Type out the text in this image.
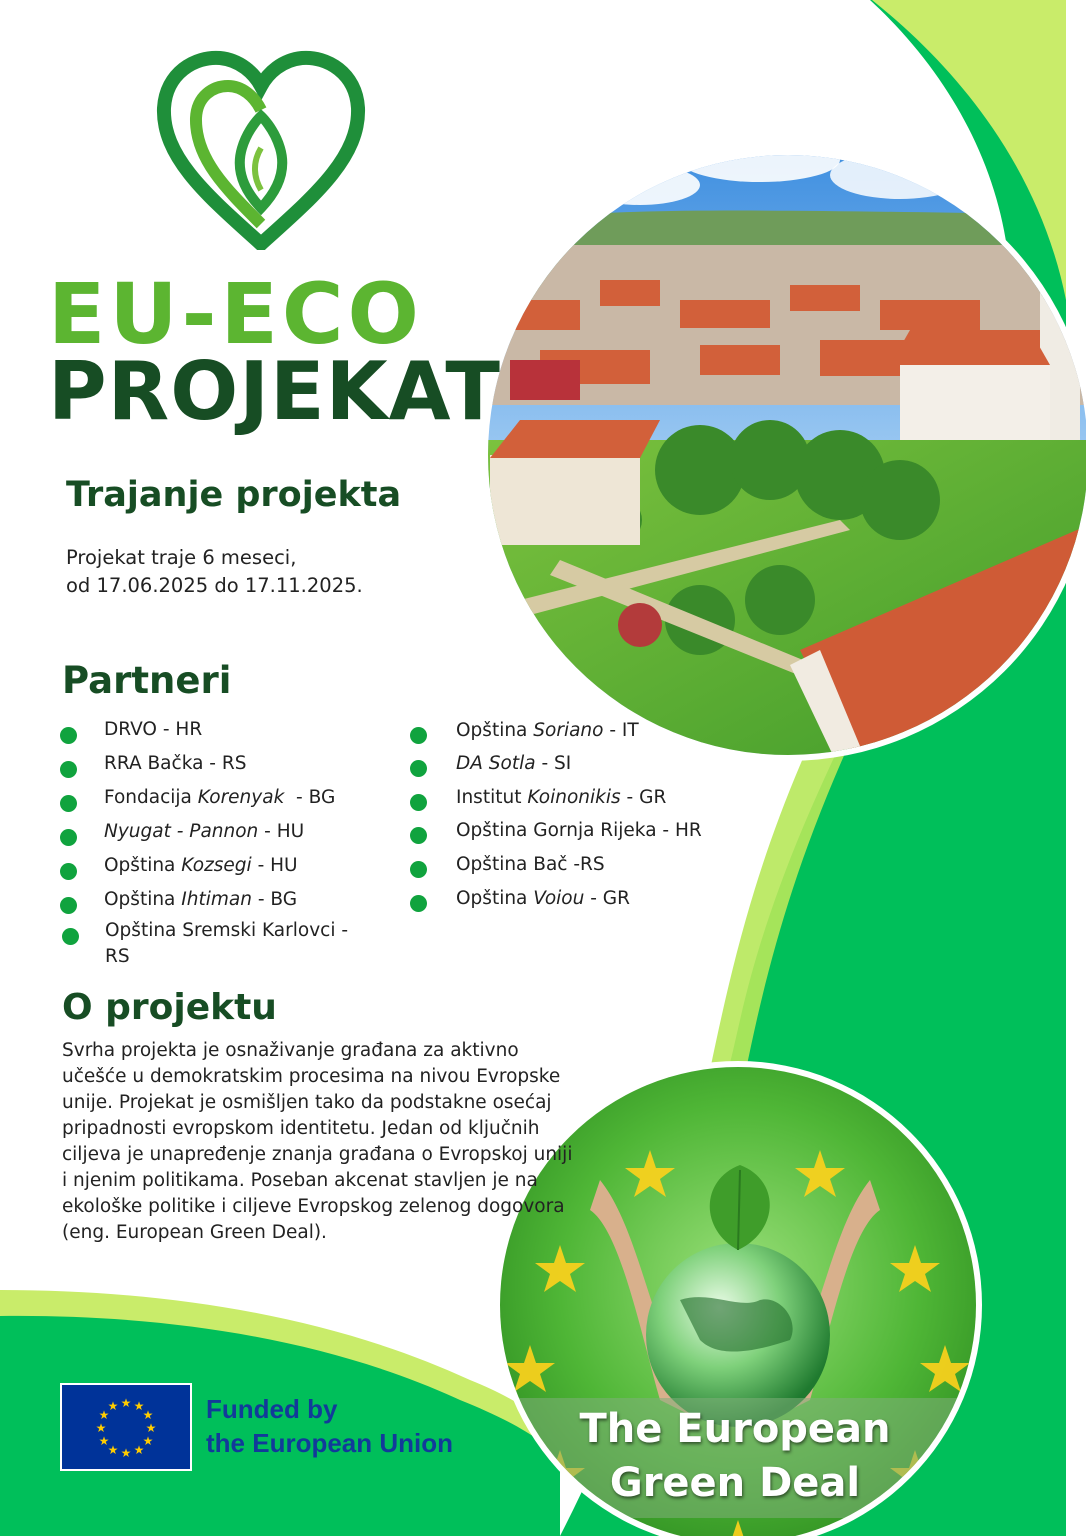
EU-ECO
PROJEKAT
Trajanje projekta
Projekat traje 6 meseci,
od 17.06.2025 do 17.11.2025.
Partneri
DRVO - HR
RRA Bačka - RS
Fondacija Korenyak  - BG
Nyugat - Pannon - HU
Opština Kozsegi - HU
Opština Ihtiman - BG
Opština Sremski Karlovci -
RS
Opština Soriano - IT
DA Sotla - SI
Institut Koinonikis - GR
Opština Gornja Rijeka - HR
Opština Bač -RS
Opština Voiou - GR
O projektu
Svrha projekta je osnaživanje građana za aktivno
učešće u demokratskim procesima na nivou Evropske
unije. Projekat je osmišljen tako da podstakne osećaj
pripadnosti evropskom identitetu. Jedan od ključnih
ciljeva je unapređenje znanja građana o Evropskoj uniji
i njenim politikama. Poseban akcenat stavljen je na
ekološke politike i ciljeve Evropskog zelenog dogovora
(eng. European Green Deal).
★ ★
★
★
★
★
★
★
★
★
★
★	Funded by
the European Union	The European
Green Deal
